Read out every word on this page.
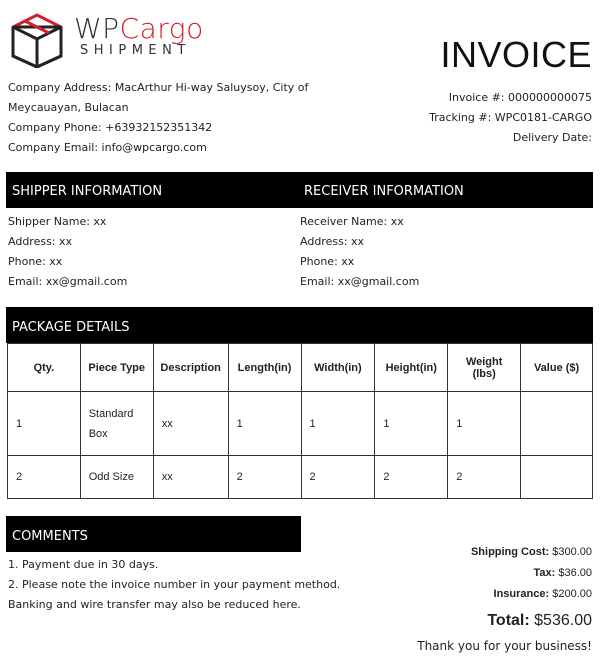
WPCargo
SHIPMENT
Company Address: MacArthur Hi-way Saluysoy, City of
Meycauayan, Bulacan
Company Phone: +63932152351342
Company Email: info@wpcargo.com
INVOICE
Invoice #: 000000000075
Tracking #: WPC0181-CARGO
Delivery Date:
SHIPPER INFORMATION	RECEIVER INFORMATION
Shipper Name: xx
Address: xx
Phone: xx
Email: xx@gmail.com
Receiver Name: xx
Address: xx
Phone: xx
Email: xx@gmail.com
PACKAGE DETAILS
Qty.	Piece Type	Description	Length(in)	Width(in)	Height(in)	Weight (lbs)	Value ($)
1	Standard Box	xx	1	1	1	1	
2	Odd Size	xx	2	2	2	2	
COMMENTS
1. Payment due in 30 days.
2. Please note the invoice number in your payment method.
Banking and wire transfer may also be reduced here.
Shipping Cost: $300.00
Tax: $36.00
Insurance: $200.00
Total: $536.00
Thank you for your business!
